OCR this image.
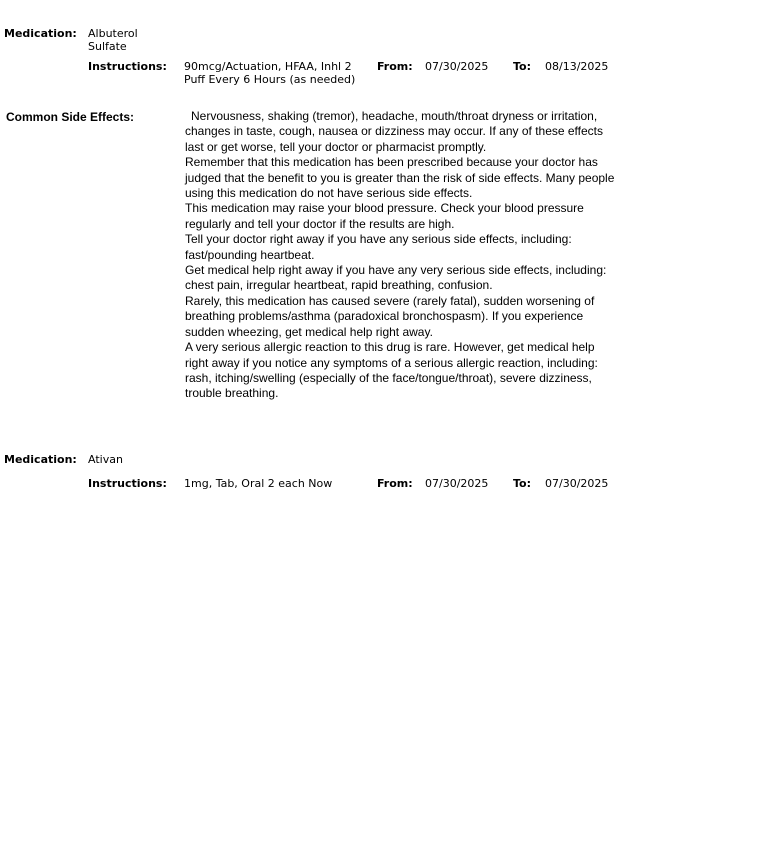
Medication: Albuterol
Sulfate
Instructions: 90mcg/Actuation, HFAA, Inhl 2
Puff Every 6 Hours (as needed)
From: 07/30/2025 To: 08/13/2025
Common Side Effects:	Nervousness, shaking (tremor), headache, mouth/throat dryness or irritation, changes in taste, cough, nausea or dizziness may occur. If any of these effects last or get worse, tell your doctor or pharmacist promptly.

Remember that this medication has been prescribed because your doctor has judged that the benefit to you is greater than the risk of side effects. Many people using this medication do not have serious side effects.

This medication may raise your blood pressure. Check your blood pressure regularly and tell your doctor if the results are high.

Tell your doctor right away if you have any serious side effects, including: fast/pounding heartbeat.

Get medical help right away if you have any very serious side effects, including: chest pain, irregular heartbeat, rapid breathing, confusion.

Rarely, this medication has caused severe (rarely fatal), sudden worsening of breathing problems/asthma (paradoxical bronchospasm). If you experience sudden wheezing, get medical help right away.

A very serious allergic reaction to this drug is rare. However, get medical help right away if you notice any symptoms of a serious allergic reaction, including: rash, itching/swelling (especially of the face/tongue/throat), severe dizziness, trouble breathing.

Medication: Ativan
Instructions: 1mg, Tab, Oral 2 each Now	From: 07/30/2025 To: 07/30/2025
